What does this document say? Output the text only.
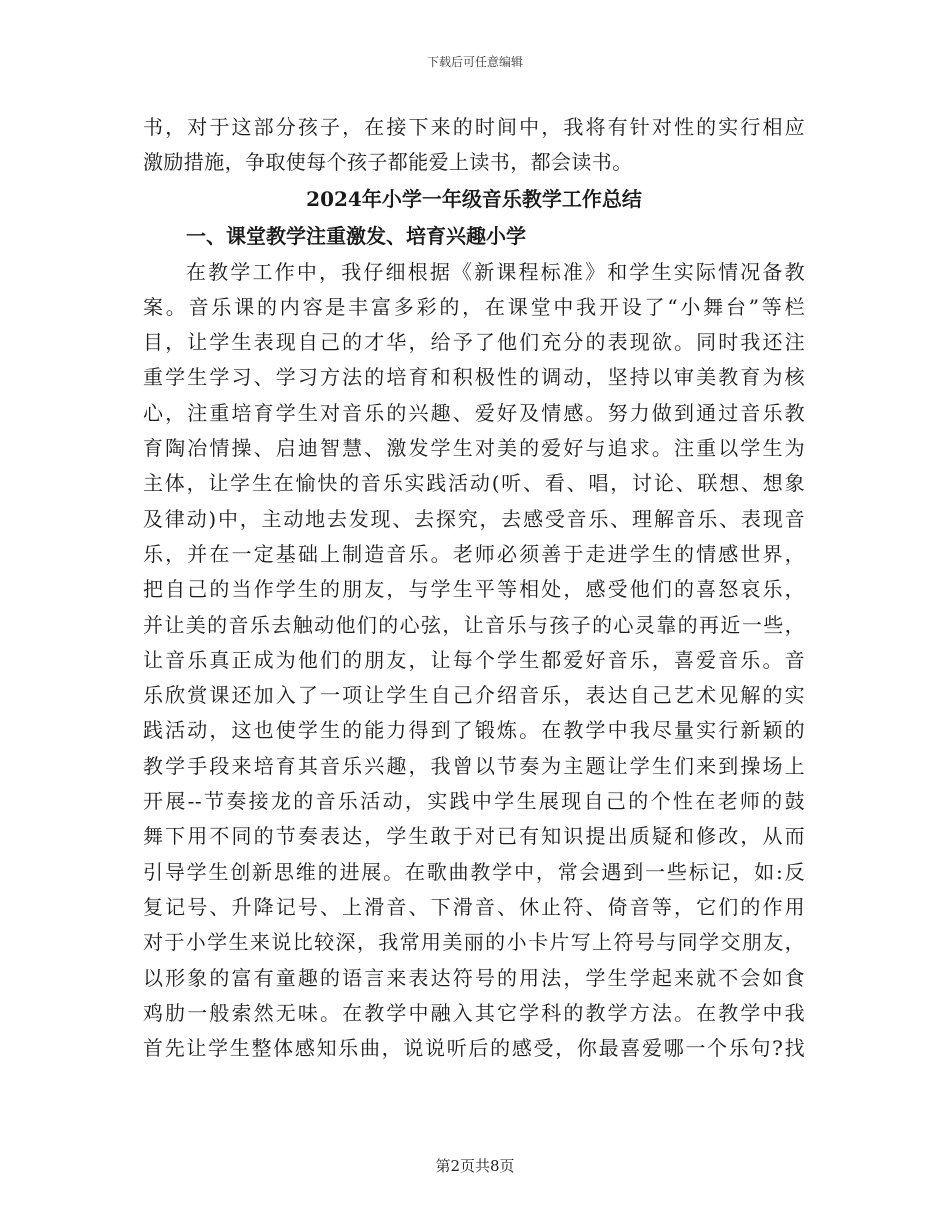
下载后可任意编辑
书，对于这部分孩子，在接下来的时间中，我将有针对性的实行相应
激励措施，争取使每个孩子都能爱上读书，都会读书。
2024年小学一年级音乐教学工作总结
一、课堂教学注重激发、培育兴趣小学
在教学工作中，我仔细根据《新课程标准》和学生实际情况备教
案。音乐课的内容是丰富多彩的，在课堂中我开设了“小舞台”等栏
目，让学生表现自己的才华，给予了他们充分的表现欲。同时我还注
重学生学习、学习方法的培育和积极性的调动，坚持以审美教育为核
心，注重培育学生对音乐的兴趣、爱好及情感。努力做到通过音乐教
育陶冶情操、启迪智慧、激发学生对美的爱好与追求。注重以学生为
主体，让学生在愉快的音乐实践活动(听、看、唱，讨论、联想、想象
及律动)中，主动地去发现、去探究，去感受音乐、理解音乐、表现音
乐，并在一定基础上制造音乐。老师必须善于走进学生的情感世界，
把自己的当作学生的朋友，与学生平等相处，感受他们的喜怒哀乐，
并让美的音乐去触动他们的心弦，让音乐与孩子的心灵靠的再近一些，
让音乐真正成为他们的朋友，让每个学生都爱好音乐，喜爱音乐。音
乐欣赏课还加入了一项让学生自己介绍音乐，表达自己艺术见解的实
践活动，这也使学生的能力得到了锻炼。在教学中我尽量实行新颖的
教学手段来培育其音乐兴趣，我曾以节奏为主题让学生们来到操场上
开展--节奏接龙的音乐活动，实践中学生展现自己的个性在老师的鼓
舞下用不同的节奏表达，学生敢于对已有知识提出质疑和修改，从而
引导学生创新思维的进展。在歌曲教学中，常会遇到一些标记，如:反
复记号、升降记号、上滑音、下滑音、休止符、倚音等，它们的作用
对于小学生来说比较深，我常用美丽的小卡片写上符号与同学交朋友，
以形象的富有童趣的语言来表达符号的用法，学生学起来就不会如食
鸡肋一般索然无味。在教学中融入其它学科的教学方法。在教学中我
首先让学生整体感知乐曲，说说听后的感受，你最喜爱哪一个乐句?找
第2页共8页
